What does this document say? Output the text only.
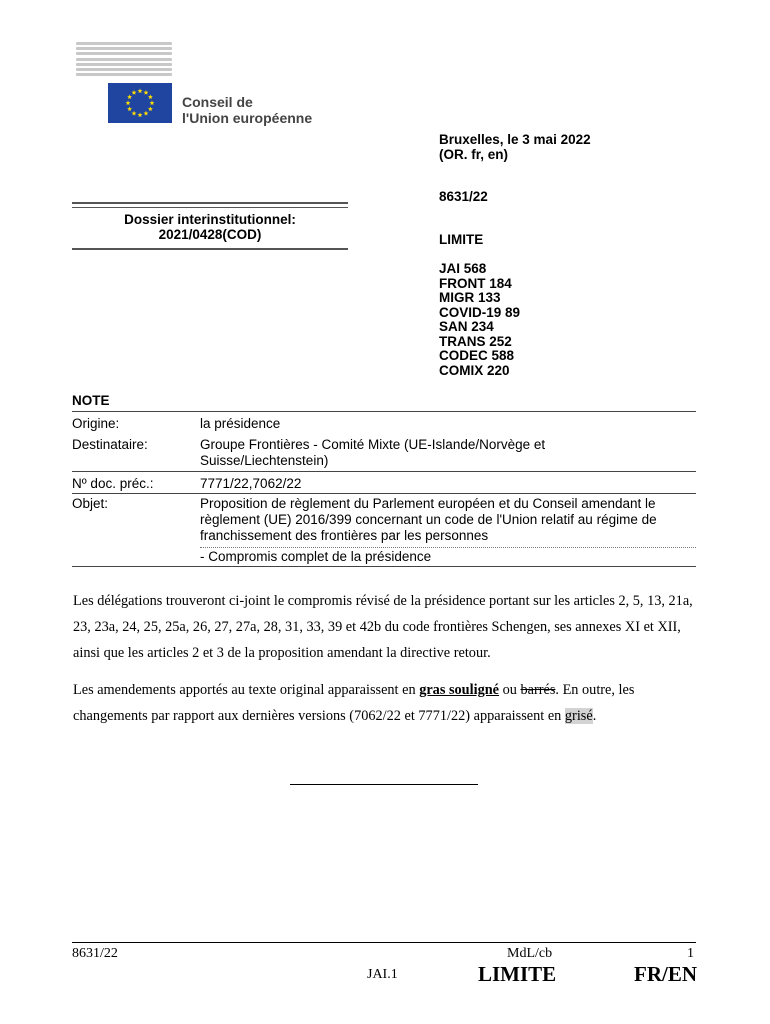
Conseil de
l'Union européenne
Bruxelles, le 3 mai 2022
(OR. fr, en)
8631/22
LIMITE
JAI 568
FRONT 184
MIGR 133
COVID-19 89
SAN 234
TRANS 252
CODEC 588
COMIX 220
Dossier interinstitutionnel:
2021/0428(COD)
NOTE
Origine:	la présidence
Destinataire:	Groupe Frontières - Comité Mixte (UE-Islande/Norvège et Suisse/Liechtenstein)
Nº doc. préc.:	7771/22,7062/22
Objet:	Proposition de règlement du Parlement européen et du Conseil amendant le règlement (UE) 2016/399 concernant un code de l'Union relatif au régime de franchissement des frontières par les personnes
- Compromis complet de la présidence
Les délégations trouveront ci-joint le compromis révisé de la présidence portant sur les articles 2, 5, 13, 21a, 23, 23a, 24, 25, 25a, 26, 27, 27a, 28, 31, 33, 39 et 42b du code frontières Schengen, ses annexes XI et XII, ainsi que les articles 2 et 3 de la proposition amendant la directive retour.
Les amendements apportés au texte original apparaissent en gras souligné ou barrés. En outre, les changements par rapport aux dernières versions (7062/22 et 7771/22) apparaissent en grisé.
8631/22	MdL/cb	1
JAI.1	LIMITE	FR/EN
